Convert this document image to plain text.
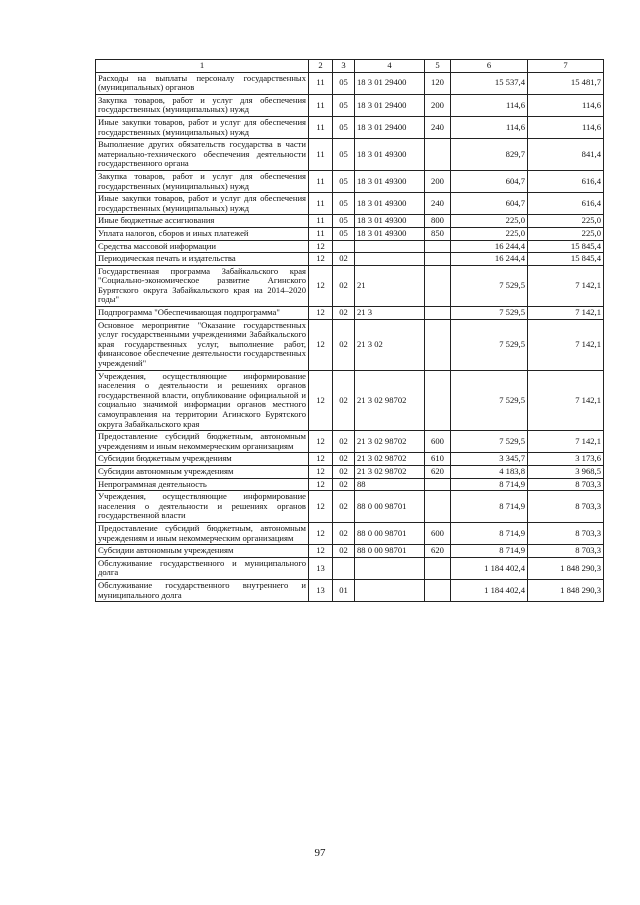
1	2	3	4	5	6	7
Расходы на выплаты персоналу государственных (муниципальных) органов	11	05	18 3 01 29400	120	15 537,4	15 481,7
Закупка товаров, работ и услуг для обеспечения государственных (муниципальных) нужд	11	05	18 3 01 29400	200	114,6	114,6
Иные закупки товаров, работ и услуг для обеспечения государственных (муниципальных) нужд	11	05	18 3 01 29400	240	114,6	114,6
Выполнение других обязательств государства в части материально-технического обеспечения деятельности государственного органа	11	05	18 3 01 49300		829,7	841,4
Закупка товаров, работ и услуг для обеспечения государственных (муниципальных) нужд	11	05	18 3 01 49300	200	604,7	616,4
Иные закупки товаров, работ и услуг для обеспечения государственных (муниципальных) нужд	11	05	18 3 01 49300	240	604,7	616,4
Иные бюджетные ассигнования	11	05	18 3 01 49300	800	225,0	225,0
Уплата налогов, сборов и иных платежей	11	05	18 3 01 49300	850	225,0	225,0
Средства массовой информации	12				16 244,4	15 845,4
Периодическая печать и издательства	12	02			16 244,4	15 845,4
Государственная программа Забайкальского края "Социально-экономическое развитие Агинского Бурятского округа Забайкальского края на 2014–2020 годы"	12	02	21		7 529,5	7 142,1
Подпрограмма "Обеспечивающая подпрограмма"	12	02	21 3		7 529,5	7 142,1
Основное мероприятие "Оказание государственных услуг государственными учреждениями Забайкальского края государственных услуг, выполнение работ, финансовое обеспечение деятельности государственных учреждений"	12	02	21 3 02		7 529,5	7 142,1
Учреждения, осуществляющие информирование населения о деятельности и решениях органов государственной власти, опубликование официальной и социально значимой информации органов местного самоуправления на территории Агинского Бурятского округа Забайкальского края	12	02	21 3 02 98702		7 529,5	7 142,1
Предоставление субсидий бюджетным, автономным учреждениям и иным некоммерческим организациям	12	02	21 3 02 98702	600	7 529,5	7 142,1
Субсидии бюджетным учреждениям	12	02	21 3 02 98702	610	3 345,7	3 173,6
Субсидии автономным учреждениям	12	02	21 3 02 98702	620	4 183,8	3 968,5
Непрограммная деятельность	12	02	88		8 714,9	8 703,3
Учреждения, осуществляющие информирование населения о деятельности и решениях органов государственной власти	12	02	88 0 00 98701		8 714,9	8 703,3
Предоставление субсидий бюджетным, автономным учреждениям и иным некоммерческим организациям	12	02	88 0 00 98701	600	8 714,9	8 703,3
Субсидии автономным учреждениям	12	02	88 0 00 98701	620	8 714,9	8 703,3
Обслуживание государственного и муниципального долга	13				1 184 402,4	1 848 290,3
Обслуживание государственного внутреннего и муниципального долга	13	01			1 184 402,4	1 848 290,3
97
